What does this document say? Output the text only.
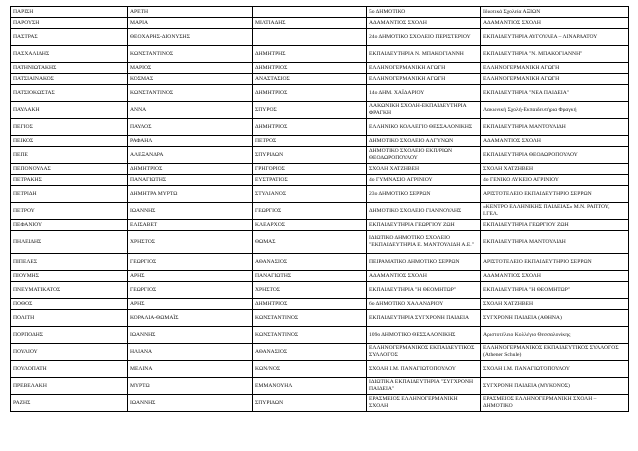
ΠΑΡΙΣΗ	ΑΡΕΤΗ		5ο ΔΗΜΟΤΙΚΟ	Ιδιωτικά Σχολεία ΑΞΙΩΝ
ΠΑΡΟΥΣΗ	ΜΑΡΙΑ	ΜΙΛΤΙΑΔΗΣ	ΑΔΑΜΑΝΤΙΟΣ ΣΧΟΛΗ	ΑΔΑΜΑΝΤΙΟΣ ΣΧΟΛΗ
ΠΑΣΤΡΑΣ	ΘΕΟΧΑΡΗΣ-ΔΙΟΝΥΣΗΣ		24ο ΔΗΜΟΤΙΚΟ ΣΧΟΛΕΙΟ ΠΕΡΙΣΤΕΡΙΟΥ	ΕΚΠΑΙΔΕΥΤΗΡΙΑ ΑΥΓΟΥΛΕΑ – ΛΙΝΑΡΔΑΤΟΥ
ΠΑΣΧΑΛΙΔΗΣ	ΚΩΝΣΤΑΝΤΙΝΟΣ	ΔΗΜΗΤΡΗΣ	ΕΚΠΑΙΔΕΥΤΗΡΙΑ Ν. ΜΠΑΚΟΓΙΑΝΝΗ	ΕΚΠΑΙΔΕΥΤΗΡΙΑ "Ν. ΜΠΑΚΟΓΙΑΝΝΗ"
ΠΑΤΗΝΙΩΤΑΚΗΣ	ΜΑΡΙΟΣ	ΔΗΜΗΤΡΙΟΣ	ΕΛΛΗΝΟΓΕΡΜΑΝΙΚΗ ΑΓΩΓΗ	ΕΛΛΗΝΟΓΕΡΜΑΝΙΚΗ ΑΓΩΓΗ
ΠΑΤΣΙΑΙΝΑΚΟΣ	ΚΟΣΜΑΣ	ΑΝΑΣΤΑΣΙΟΣ	ΕΛΛΗΝΟΓΕΡΜΑΝΙΚΗ ΑΓΩΓΗ	ΕΛΛΗΝΟΓΕΡΜΑΝΙΚΗ ΑΓΩΓΗ
ΠΑΤΣΙΟΚΩΣΤΑΣ	ΚΩΝΣΤΑΝΤΙΝΟΣ	ΔΗΜΗΤΡΙΟΣ	14ο ΔΗΜ. ΧΑΪΔΑΡΙΟΥ	ΕΚΠΑΙΔΕΥΤΗΡΙΑ "ΝΕΑ ΠΑΙΔΕΙΑ"
ΠΑΥΛΑΚΗ	ΑΝΝΑ	ΣΠΥΡΟΣ	ΛΑΚΩΝΙΚΗ ΣΧΟΛΗ-ΕΚΠΑΙΔΕΥΤΗΡΙΑ ΦΡΑΓΚΗ	Λακωνική Σχολή-Εκπαιδευτήρια Φραγκή
ΠΕΓΙΟΣ	ΠΑΥΛΟΣ	ΔΗΜΗΤΡΙΟΣ	ΕΛΛΗΝΙΚΟ ΚΟΛΛΕΓΙΟ ΘΕΣΣΑΛΟΝΙΚΗΣ	ΕΚΠΑΙΔΕΥΤΗΡΙΑ ΜΑΝΤΟΥΛΙΔΗ
ΠΕΙΚΟΣ	ΡΑΦΑΗΛ	ΠΕΤΡΟΣ	ΔΗΜΟΤΙΚΟ ΣΧΟΛΕΙΟ ΑΛΓΥΝΩΝ	ΑΔΑΜΑΝΤΙΟΣ ΣΧΟΛΗ
ΠΕΠΕ	ΑΛΕΞΑΝΔΡΑ	ΣΠΥΡΙΔΩΝ	ΔΗΜΟΤΙΚΟ ΣΧΟΛΕΙΟ ΕΚΠ/ΡΙΩΝ ΘΕΟΔΩΡΟΠΟΥΛΟΥ	ΕΚΠΑΙΔΕΥΤΗΡΙΑ ΘΕΟΔΩΡΟΠΟΥΛΟΥ
ΠΕΠΟΝΟΥΛΑΣ	ΔΗΜΗΤΡΙΟΣ	ΓΡΗΓΟΡΙΟΣ	ΣΧΟΛΗ ΧΑΤΖΗΒΕΗ	ΣΧΟΛΗ ΧΑΤΖΗΒΕΗ
ΠΕΤΡΑΚΗΣ	ΠΑΝΑΓΙΩΤΗΣ	ΕΥΣΤΡΑΤΙΟΣ	4ο ΓΥΜΝΑΣΙΟ ΑΓΡΙΝΙΟΥ	4ο ΓΕΝΙΚΟ ΛΥΚΕΙΟ ΑΓΡΙΝΙΟΥ
ΠΕΤΡΙΔΗ	ΔΗΜΗΤΡΑ ΜΥΡΤΩ	ΣΤΥΛΙΑΝΟΣ	23ο ΔΗΜΟΤΙΚΟ ΣΕΡΡΩΝ	ΑΡΙΣΤΟΤΕΛΕΙΟ ΕΚΠΑΙΔΕΥΤΗΡΙΟ ΣΕΡΡΩΝ
ΠΕΤΡΟΥ	ΙΩΑΝΝΗΣ	ΓΕΩΡΓΙΟΣ	ΔΗΜΟΤΙΚΟ ΣΧΟΛΕΙΟ ΓΙΑΝΝΟΥΛΗΣ	«ΚΕΝΤΡΟ ΕΛΛΗΝΙΚΗΣ ΠΑΙΔΕΙΑΣ» Μ.Ν. ΡΑΠΤΟΥ, Ι.ΓΕΛ.
ΠΕΦΑΝΙΟΥ	ΕΛΙΣΑΒΕΤ	ΚΛΕΑΡΧΟΣ	ΕΚΠΑΙΔΕΥΤΗΡΙΑ ΓΕΩΡΓΙΟΥ ΖΩΗ	ΕΚΠΑΙΔΕΥΤΗΡΙΑ ΓΕΩΡΓΙΟΥ ΖΩΗ
ΠΗΛΕΙΔΗΣ	ΧΡΗΣΤΟΣ	ΘΩΜΑΣ	ΙΔΙΩΤΙΚΟ ΔΗΜΟΤΙΚΟ ΣΧΟΛΕΙΟ "ΕΚΠΑΙΔΕΥΤΗΡΙΑ Ε. ΜΑΝΤΟΥΛΙΔΗ Α.Ε."	ΕΚΠΑΙΔΕΥΤΗΡΙΑ ΜΑΝΤΟΥΛΙΔΗ
ΠΙΠΕΛΕΣ	ΓΕΩΡΓΙΟΣ	ΑΘΑΝΑΣΙΟΣ	ΠΕΙΡΑΜΑΤΙΚΟ ΔΗΜΟΤΙΚΟ ΣΕΡΡΩΝ	ΑΡΙΣΤΟΤΕΛΕΙΟ ΕΚΠΑΙΔΕΥΤΗΡΙΟ ΣΕΡΡΩΝ
ΠΙΟΥΜΗΣ	ΑΡΗΣ	ΠΑΝΑΓΙΩΤΗΣ	ΑΔΑΜΑΝΤΙΟΣ ΣΧΟΛΗ	ΑΔΑΜΑΝΤΙΟΣ ΣΧΟΛΗ
ΠΝΕΥΜΑΤΙΚΑΤΟΣ	ΓΕΩΡΓΙΟΣ	ΧΡΗΣΤΟΣ	ΕΚΠΑΙΔΕΥΤΗΡΙΑ "Η ΘΕΟΜΗΤΩΡ"	ΕΚΠΑΙΔΕΥΤΗΡΙΑ "Η ΘΕΟΜΗΤΩΡ"
ΠΟΘΟΣ	ΑΡΗΣ	ΔΗΜΗΤΡΙΟΣ	6ο ΔΗΜΟΤΙΚΟ ΧΑΛΑΝΔΡΙΟΥ	ΣΧΟΛΗ ΧΑΤΖΗΒΕΗ
ΠΟΛΙΤΗ	ΚΟΡΑΛΙΑ-ΘΩΜΑΪΣ	ΚΩΝΣΤΑΝΤΙΝΟΣ	ΕΚΠΑΙΔΕΥΤΗΡΙΑ ΣΥΓΧΡΟΝΗ ΠΑΙΔΕΙΑ	ΣΥΓΧΡΟΝΗ ΠΑΙΔΕΙΑ (ΑΘΗΝΑ)
ΠΟΡΠΟΔΗΣ	ΙΩΑΝΝΗΣ	ΚΩΝΣΤΑΝΤΙΝΟΣ	109ο ΔΗΜΟΤΙΚΟ ΘΕΣΣΑΛΟΝΙΚΗΣ	Αριστοτέλειο Κολλέγιο Θεσσαλονίκης
ΠΟΥΛΙΟΥ	ΗΛΙΑΝΑ	ΑΘΑΝΑΣΙΟΣ	ΕΛΛΗΝΟΓΕΡΜΑΝΙΚΟΣ ΕΚΠΑΙΔΕΥΤΙΚΟΣ ΣΥΛΛΟΓΟΣ	ΕΛΛΗΝΟΓΕΡΜΑΝΙΚΟΣ ΕΚΠΑΙΔΕΥΤΙΚΟΣ ΣΥΛΛΟΓΟΣ (Athener Schule)
ΠΟΥΛΟΠΑΤΗ	ΜΕΛΙΝΑ	ΚΩΝ/ΝΟΣ	ΣΧΟΛΗ Ι.Μ. ΠΑΝΑΓΙΩΤΟΠΟΥΛΟΥ	ΣΧΟΛΗ Ι.Μ. ΠΑΝΑΓΙΩΤΟΠΟΥΛΟΥ
ΠΡΕΒΕΛΑΚΗ	ΜΥΡΤΩ	ΕΜΜΑΝΟΥΗΛ	ΙΔΙΩΤΙΚΑ ΕΚΠΑΙΔΕΥΤΗΡΙΑ "ΣΥΓΧΡΟΝΗ ΠΑΙΔΕΙΑ"	ΣΥΓΧΡΟΝΗ ΠΑΙΔΕΙΑ (ΜΥΚΟΝΟΣ)
ΡΑΖΗΣ	ΙΩΑΝΝΗΣ	ΣΠΥΡΙΔΩΝ	ΕΡΑΣΜΕΙΟΣ ΕΛΛΗΝΟΓΕΡΜΑΝΙΚΗ ΣΧΟΛΗ	ΕΡΑΣΜΕΙΟΣ ΕΛΛΗΝΟΓΕΡΜΑΝΙΚΗ ΣΧΟΛΗ – ΔΗΜΟΤΙΚΟ
